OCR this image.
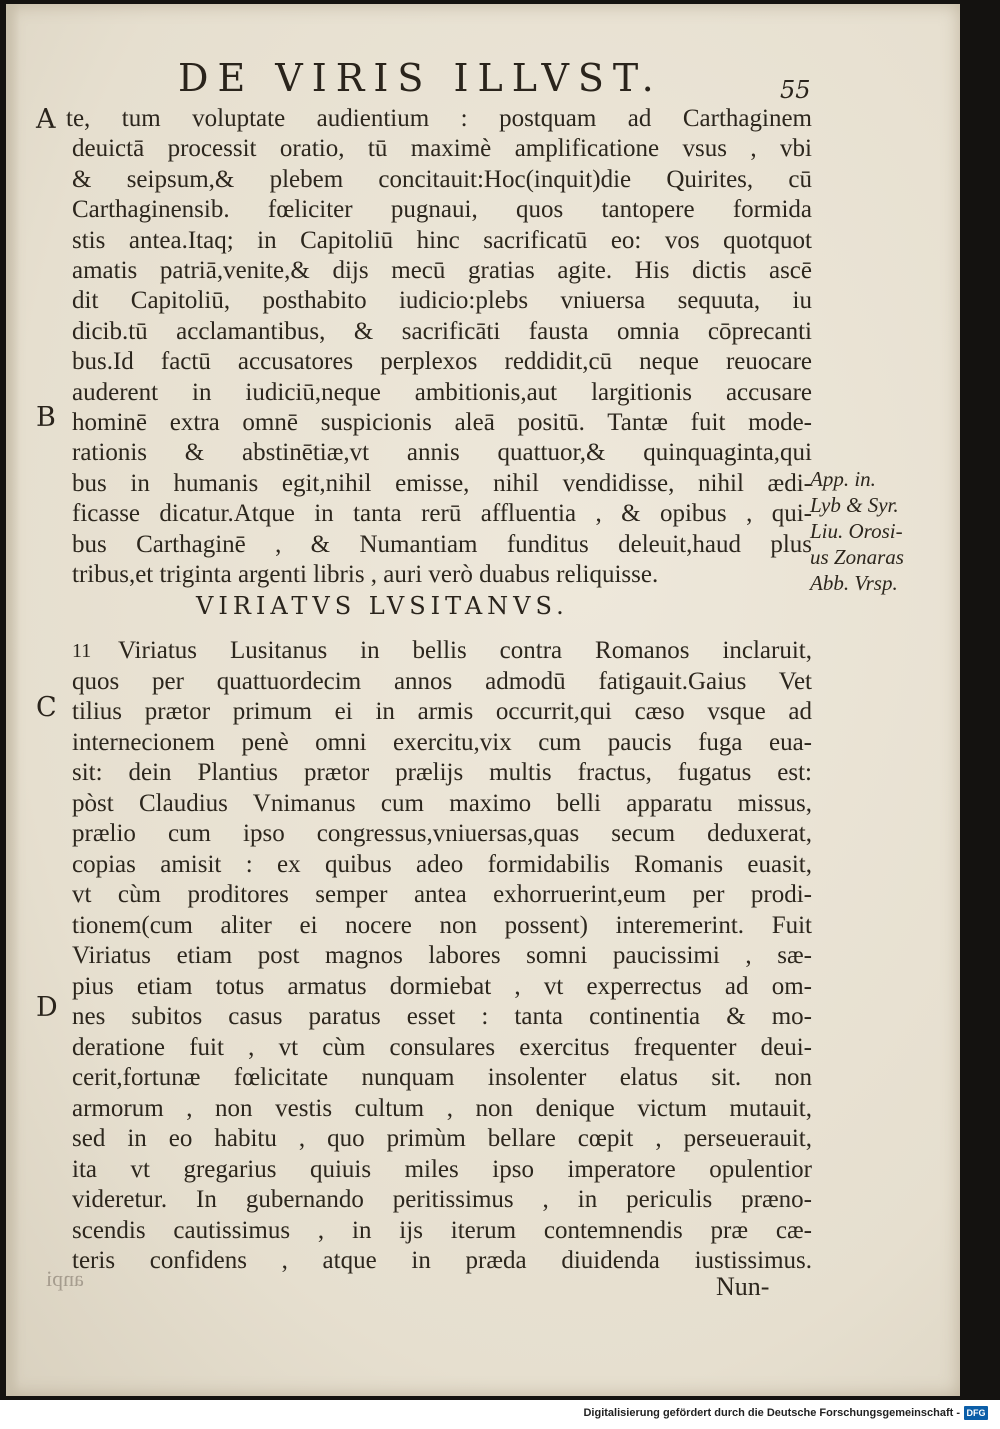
DE VIRIS ILLVST.	55
A
B
C
D
te, tum voluptate audientium : postquam ad Carthaginem
deuictā processit oratio, tū maximè amplificatione vsus , vbi
& seipsum,& plebem concitauit:Hoc(inquit)die Quirites, cū
Carthaginensib. fœliciter pugnaui, quos tantopere formida
stis antea.Itaq; in Capitoliū hinc sacrificatū eo: vos quotquot
amatis patriā,venite,& dijs mecū gratias agite. His dictis ascē
dit Capitoliū, posthabito iudicio:plebs vniuersa sequuta, iu
dicib.tū acclamantibus, & sacrificāti fausta omnia cōprecanti
bus.Id factū accusatores perplexos reddidit,cū neque reuocare
auderent in iudiciū,neque ambitionis,aut largitionis accusare
hominē extra omnē suspicionis aleā positū. Tantæ fuit mode-
rationis & abstinētiæ,vt annis quattuor,& quinquaginta,qui
bus in humanis egit,nihil emisse, nihil vendidisse, nihil ædi-
ficasse dicatur.Atque in tanta rerū affluentia , & opibus , qui-
bus Carthaginē , & Numantiam funditus deleuit,haud plus
tribus,et triginta argenti libris , auri verò duabus reliquisse.
App. in.
Lyb & Syr.
Liu. Orosi-
us Zonaras
Abb. Vrsp.
VIRIATVS LVSITANVS.
11 Viriatus Lusitanus in bellis contra Romanos inclaruit,
quos per quattuordecim annos admodū fatigauit.Gaius Vet
tilius prætor primum ei in armis occurrit,qui cæso vsque ad
internecionem penè omni exercitu,vix cum paucis fuga eua-
sit: dein Plantius prætor prælijs multis fractus, fugatus est:
pòst Claudius Vnimanus cum maximo belli apparatu missus,
prælio cum ipso congressus,vniuersas,quas secum deduxerat,
copias amisit : ex quibus adeo formidabilis Romanis euasit,
vt cùm proditores semper antea exhorruerint,eum per prodi-
tionem(cum aliter ei nocere non possent) interemerint. Fuit
Viriatus etiam post magnos labores somni paucissimi , sæ-
pius etiam totus armatus dormiebat , vt experrectus ad om-
nes subitos casus paratus esset : tanta continentia & mo-
deratione fuit , vt cùm consulares exercitus frequenter deui-
cerit,fortunæ fœlicitate nunquam insolenter elatus sit. non
armorum , non vestis cultum , non denique victum mutauit,
sed in eo habitu , quo primùm bellare cœpit , perseuerauit,
ita vt gregarius quiuis miles ipso imperatore opulentior
videretur. In gubernando peritissimus , in periculis præno-
scendis cautissimus , in ijs iterum contemnendis præ cæ-
teris confidens , atque in præda diuidenda iustissimus.
Nun-
anpi
Digitalisierung gefördert durch die Deutsche Forschungsgemeinschaft - DFG
